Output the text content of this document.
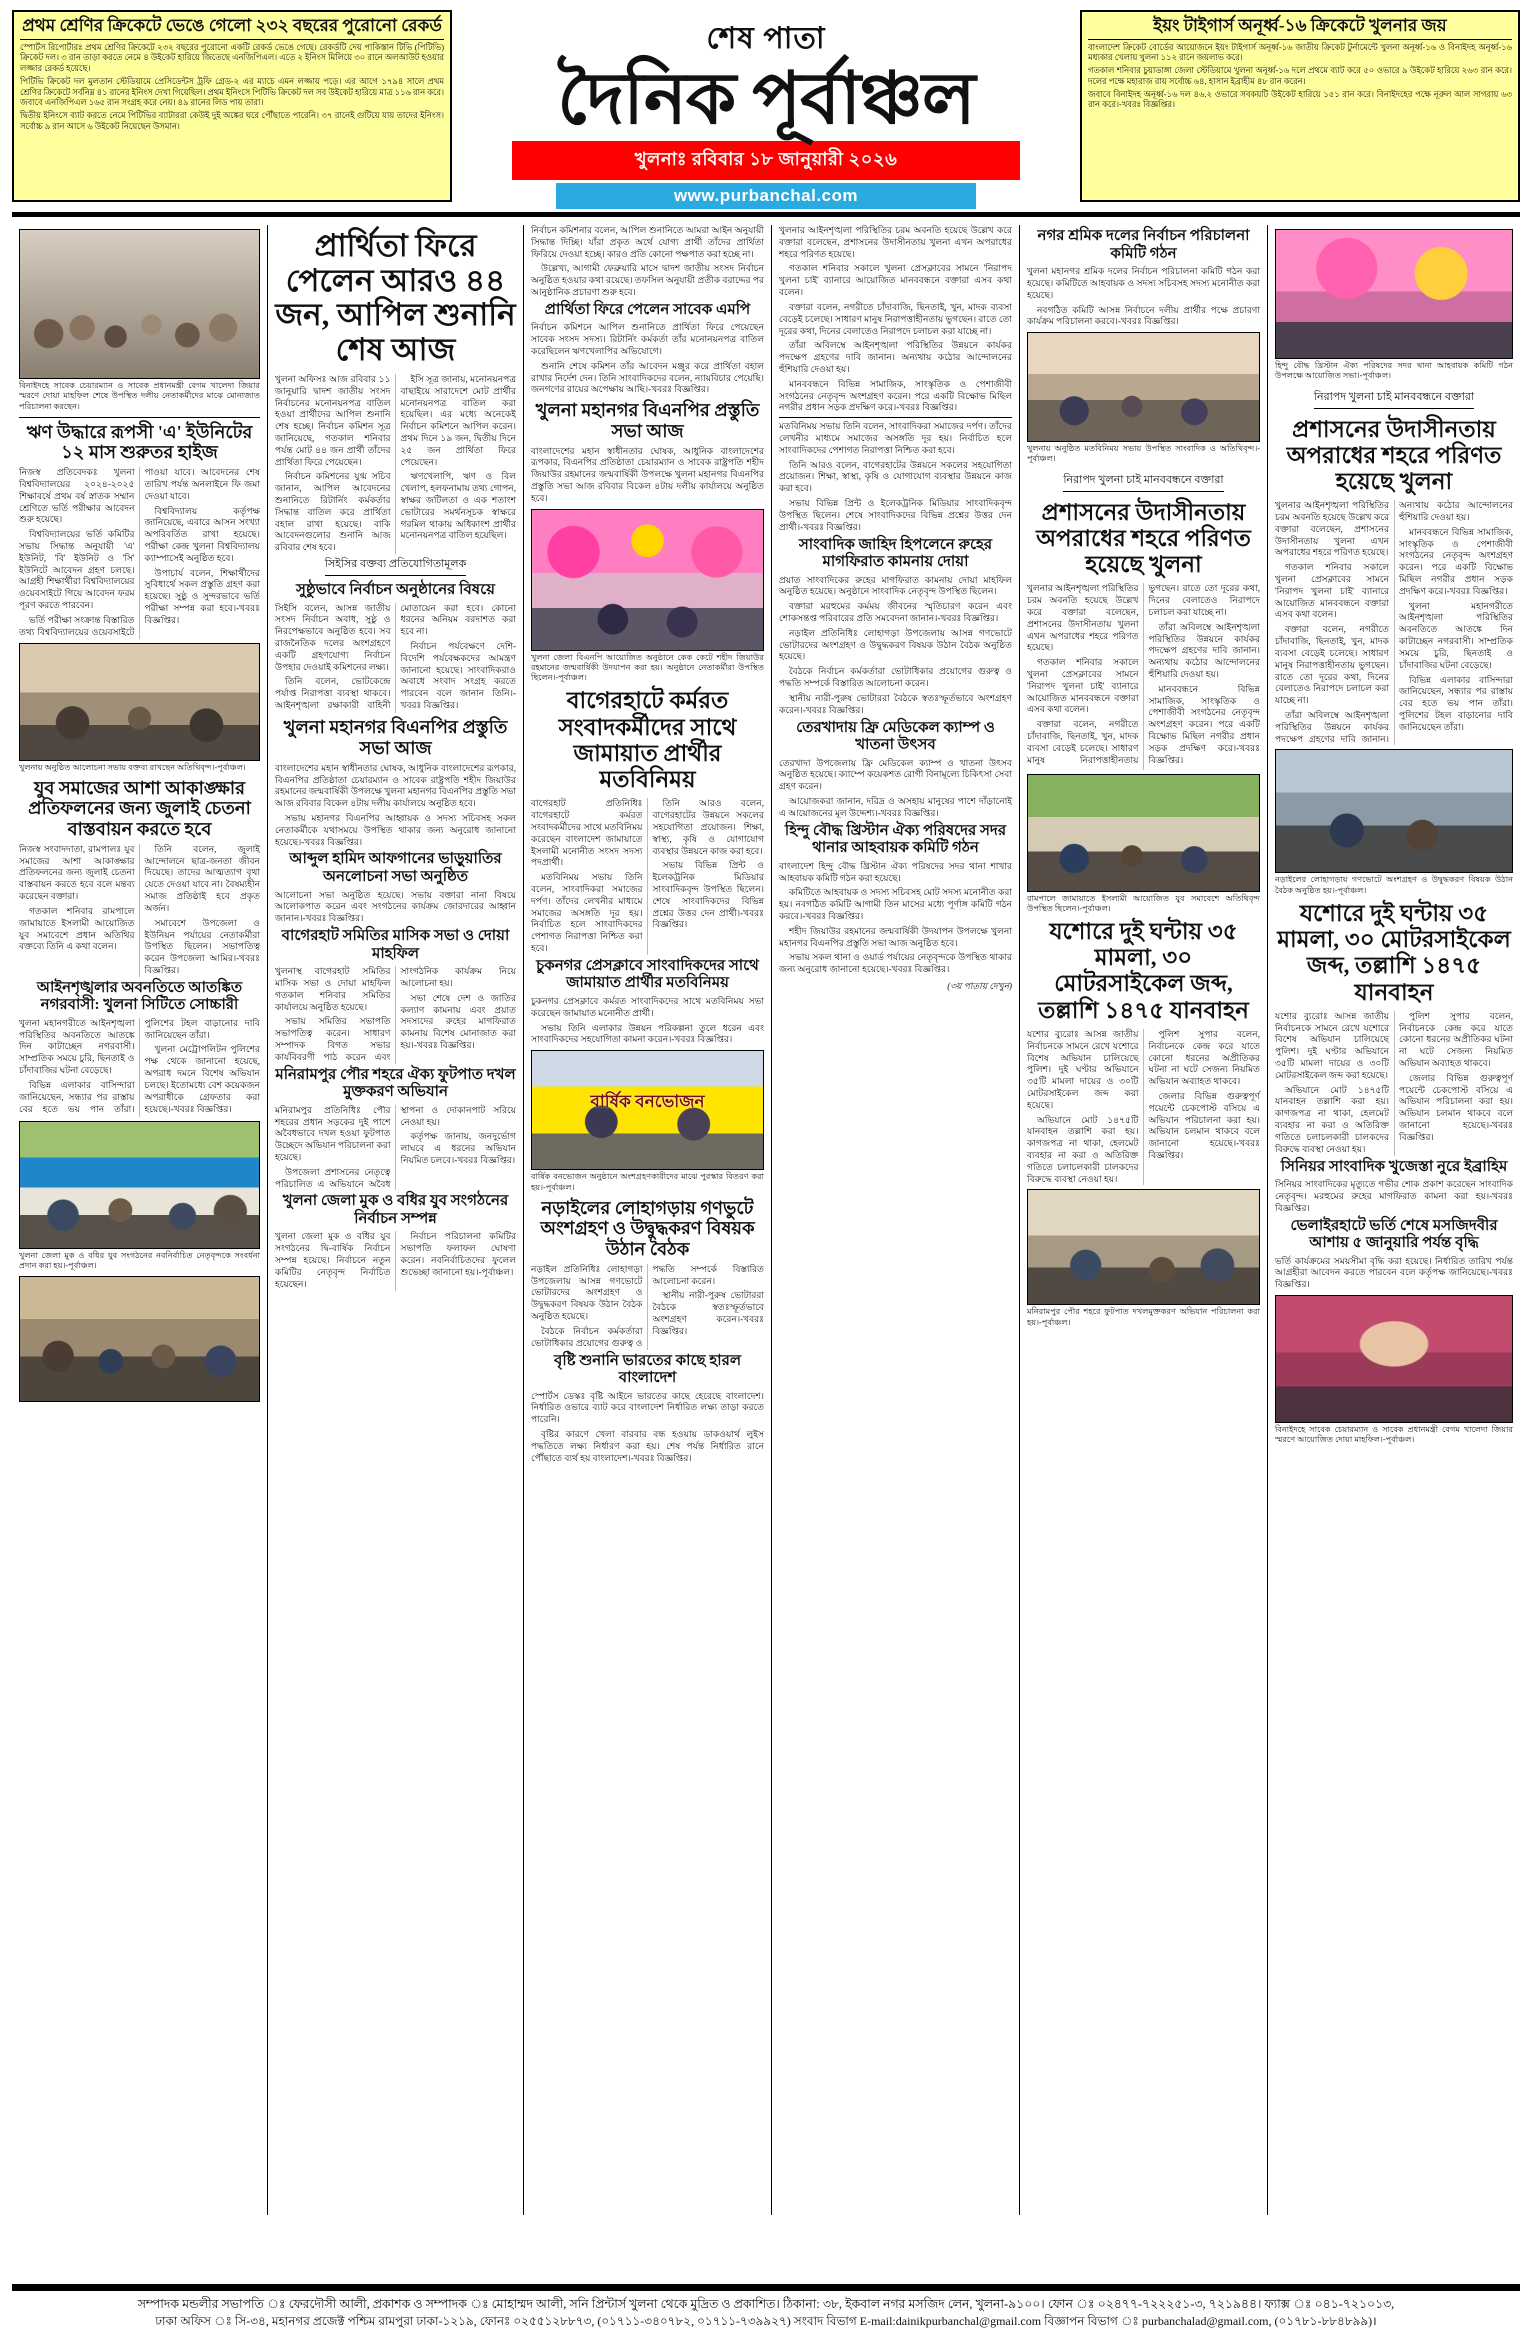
প্রথম শ্রেণির ক্রিকেটে ভেঙে গেলো ২৩২ বছরের পুরোনো রেকর্ড

স্পোর্টস রিপোর্টারঃ প্রথম শ্রেণির ক্রিকেটে ২৩২ বছরের পুরোনো একটি রেকর্ড ভেঙে গেছে। রেকর্ডটি দেয় পাকিস্তান টিভি (পিটিভি) ক্রিকেট দল। ৩ রান তাড়া করতে নেমে ৪ উইকেট হারিয়ে জিতেছে এনজিপিএল। এতে ২ ইনিংস মিলিয়ে ৩০ রানে অলআউট হওয়ার লজ্জার রেকর্ড হয়েছে।

পিটিভি ক্রিকেট দল মুলতান স্টেডিয়ামে প্রেসিডেন্টস ট্রফি গ্রেড-২ এর ম্যাচে এমন লজ্জায় পড়ে। এর আগে ১৭৯৪ সালে প্রথম শ্রেণির ক্রিকেটে সর্বনিম্ন ৪১ রানের ইনিংস দেখা গিয়েছিল। প্রথম ইনিংসে পিটিভি ক্রিকেট দল সব উইকেট হারিয়ে মাত্র ১১৬ রান করে। জবাবে এনজিপিএল ১৬৫ রান সংগ্রহ করে নেয়। ৪৯ রানের লিড পায় তারা।

দ্বিতীয় ইনিংসে ব্যাট করতে নেমে পিটিভির ব্যাটাররা কেউই দুই অঙ্কের ঘরে পৌঁছাতে পারেনি। ৩৭ রানেই গুটিয়ে যায় তাদের ইনিংস। সর্বোচ্চ ৯ রান আসে ৬ উইকেট নিয়েছেন উসমান।

শেষ পাতা
দৈনিক পূর্বাঞ্চল
খুলনাঃ রবিবার ১৮ জানুয়ারী ২০২৬
www.purbanchal.com
ইয়ং টাইগার্স অনূর্ধ্ব-১৬ ক্রিকেটে খুলনার জয়

বাংলাদেশ ক্রিকেট বোর্ডের আয়োজনে ইয়ং টাইগার্স অনূর্ধ্ব-১৬ জাতীয় ক্রিকেট টুর্নামেন্টে খুলনা অনূর্ধ্ব-১৬ ও বিনাইদহ অনূর্ধ্ব-১৬ মধ্যকার খেলায় খুলনা ১১২ রানে জয়লাভ করে।

গতকাল শনিবার চুয়াডাঙ্গা জেলা স্টেডিয়ামে খুলনা অনূর্ধ্ব-১৬ দলে প্রথমে ব্যাট করে ৫০ ওভারে ৯ উইকেট হারিয়ে ২৬৩ রান করে। দলের পক্ষে মহারাজ রায় সর্বোচ্চ ৬৪, হাসান ইব্রাহীম ৪৮ রান করেন।

জবাবে বিনাইদহ অনূর্ধ্ব-১৬ দল ৪৬.২ ওভারে সবকয়টি উইকেট হারিয়ে ১৫১ রান করে। বিনাইদহের পক্ষে নূরুল আল সাগরায় ৬৩ রান করে।-খবরঃ বিজ্ঞপ্তির।

বিনাইদহে সাবেক চেয়ারম্যান ও সাবেক প্রধানমন্ত্রী বেগম খালেদা জিয়ার স্মরণে দোয়া মাহফিল শেষে উপস্থিত দলীয় নেতাকর্মীদের মাঝে মোনাজাত পরিচালনা করছেন।
ঋণ উদ্ধারে রূপসী 'এ' ইউনিটের ১২ মাস শুরুতর হাইজ

নিজস্ব প্রতিবেদকঃ খুলনা বিশ্ববিদ্যালয়ের ২০২৪-২০২৫ শিক্ষাবর্ষে প্রথম বর্ষ স্নাতক সম্মান শ্রেণিতে ভর্তি পরীক্ষার আবেদন শুরু হয়েছে।

বিশ্ববিদ্যালয়ের ভর্তি কমিটির সভায় সিদ্ধান্ত অনুযায়ী 'এ' ইউনিট, 'বি' ইউনিট ও 'সি' ইউনিটে আবেদন গ্রহণ চলছে। আগ্রহী শিক্ষার্থীরা বিশ্ববিদ্যালয়ের ওয়েবসাইটে গিয়ে আবেদন ফরম পূরণ করতে পারবেন।

ভর্তি পরীক্ষা সংক্রান্ত বিস্তারিত তথ্য বিশ্ববিদ্যালয়ের ওয়েবসাইটে পাওয়া যাবে। আবেদনের শেষ তারিখ পর্যন্ত অনলাইনে ফি জমা দেওয়া যাবে।

বিশ্ববিদ্যালয় কর্তৃপক্ষ জানিয়েছে, এবারে আসন সংখ্যা অপরিবর্তিত রাখা হয়েছে। পরীক্ষা কেন্দ্র খুলনা বিশ্ববিদ্যালয় ক্যাম্পাসেই অনুষ্ঠিত হবে।

উপাচার্য বলেন, শিক্ষার্থীদের সুবিধার্থে সকল প্রস্তুতি গ্রহণ করা হয়েছে। সুষ্ঠু ও সুন্দরভাবে ভর্তি পরীক্ষা সম্পন্ন করা হবে।-খবরঃ বিজ্ঞপ্তির।

খুলনায় অনুষ্ঠিত আলোচনা সভায় বক্তব্য রাখছেন অতিথিবৃন্দ।-পূর্বাঞ্চল।
যুব সমাজের আশা আকাঙ্ক্ষার প্রতিফলনের জন্য জুলাই চেতনা বাস্তবায়ন করতে হবে

নিজস্ব সংবাদদাতা, রামপালঃ যুব সমাজের আশা আকাঙ্ক্ষার প্রতিফলনের জন্য জুলাই চেতনা বাস্তবায়ন করতে হবে বলে মন্তব্য করেছেন বক্তারা।

গতকাল শনিবার রামপালে জামায়াতে ইসলামী আয়োজিত যুব সমাবেশে প্রধান অতিথির বক্তব্যে তিনি এ কথা বলেন।

তিনি বলেন, জুলাই আন্দোলনে ছাত্র-জনতা জীবন দিয়েছে। তাদের আত্মত্যাগ বৃথা যেতে দেওয়া যাবে না। বৈষম্যহীন সমাজ প্রতিষ্ঠাই হবে প্রকৃত অর্জন।

সমাবেশে উপজেলা ও ইউনিয়ন পর্যায়ের নেতাকর্মীরা উপস্থিত ছিলেন। সভাপতিত্ব করেন উপজেলা আমির।-খবরঃ বিজ্ঞপ্তির।

আইনশৃঙ্খলার অবনতিতে আতঙ্কিত নগরবাসী: খুলনা সিটিতে সোচ্চারী

খুলনা মহানগরীতে আইনশৃঙ্খলা পরিস্থিতির অবনতিতে আতঙ্কে দিন কাটাচ্ছেন নগরবাসী। সাম্প্রতিক সময়ে চুরি, ছিনতাই ও চাঁদাবাজির ঘটনা বেড়েছে।

বিভিন্ন এলাকার বাসিন্দারা জানিয়েছেন, সন্ধ্যার পর রাস্তায় বের হতে ভয় পান তাঁরা। পুলিশের টহল বাড়ানোর দাবি জানিয়েছেন তাঁরা।

খুলনা মেট্রোপলিটন পুলিশের পক্ষ থেকে জানানো হয়েছে, অপরাধ দমনে বিশেষ অভিযান চলছে। ইতোমধ্যে বেশ কয়েকজন অপরাধীকে গ্রেফতার করা হয়েছে।-খবরঃ বিজ্ঞপ্তির।

খুলনা জেলা মুক ও বধির যুব সংগঠনের নবনির্বাচিত নেতৃবৃন্দকে সংবর্ধনা প্রদান করা হয়।-পূর্বাঞ্চল।
প্রার্থিতা ফিরে পেলেন আরও ৪৪ জন, আপিল শুনানি শেষ আজ

খুলনা অফিসঃ আজ রবিবার ১১ জানুয়ারি দ্বাদশ জাতীয় সংসদ নির্বাচনের মনোনয়নপত্র বাতিল হওয়া প্রার্থীদের আপিল শুনানি শেষ হচ্ছে। নির্বাচন কমিশন সূত্র জানিয়েছে, গতকাল শনিবার পর্যন্ত মোট ৪৪ জন প্রার্থী তাঁদের প্রার্থিতা ফিরে পেয়েছেন।

নির্বাচন কমিশনের যুগ্ম সচিব জানান, আপিল আবেদনের শুনানিতে রিটার্নিং কর্মকর্তার সিদ্ধান্ত বাতিল করে প্রার্থিতা বহাল রাখা হয়েছে। বাকি আবেদনগুলোর শুনানি আজ রবিবার শেষ হবে।

ইসি সূত্র জানায়, মনোনয়নপত্র বাছাইয়ে সারাদেশে মোট প্রার্থীর মনোনয়নপত্র বাতিল করা হয়েছিল। এর মধ্যে অনেকেই নির্বাচন কমিশনে আপিল করেন। প্রথম দিনে ১৯ জন, দ্বিতীয় দিনে ২৫ জন প্রার্থিতা ফিরে পেয়েছেন।

ঋণখেলাপি, ঋণ ও বিল খেলাপ, হলফনামায় তথ্য গোপন, স্বাক্ষর জটিলতা ও এক শতাংশ ভোটারের সমর্থনসূচক স্বাক্ষরে গরমিল থাকায় অধিকাংশ প্রার্থীর মনোনয়নপত্র বাতিল হয়েছিল।

সিইসির বক্তব্য প্রতিযোগিতামূলক
সুষ্ঠুভাবে নির্বাচন অনুষ্ঠানের বিষয়ে

সিইসি বলেন, আসন্ন জাতীয় সংসদ নির্বাচন অবাধ, সুষ্ঠু ও নিরপেক্ষভাবে অনুষ্ঠিত হবে। সব রাজনৈতিক দলের অংশগ্রহণে একটি গ্রহণযোগ্য নির্বাচন উপহার দেওয়াই কমিশনের লক্ষ্য।

তিনি বলেন, ভোটকেন্দ্রে পর্যাপ্ত নিরাপত্তা ব্যবস্থা থাকবে। আইনশৃঙ্খলা রক্ষাকারী বাহিনী মোতায়েন করা হবে। কোনো ধরনের অনিয়ম বরদাশত করা হবে না।

নির্বাচন পর্যবেক্ষণে দেশি-বিদেশি পর্যবেক্ষকদের আমন্ত্রণ জানানো হয়েছে। সাংবাদিকরাও অবাধে সংবাদ সংগ্রহ করতে পারবেন বলে জানান তিনি।-খবরঃ বিজ্ঞপ্তির।

খুলনা মহানগর বিএনপির প্রস্তুতি সভা আজ

বাংলাদেশের মহান স্বাধীনতার ঘোষক, আধুনিক বাংলাদেশের রূপকার, বিএনপির প্রতিষ্ঠাতা চেয়ারম্যান ও সাবেক রাষ্ট্রপতি শহীদ জিয়াউর রহমানের জন্মবার্ষিকী উপলক্ষে খুলনা মহানগর বিএনপির প্রস্তুতি সভা আজ রবিবার বিকেল ৪টায় দলীয় কার্যালয়ে অনুষ্ঠিত হবে।

সভায় মহানগর বিএনপির আহ্বায়ক ও সদস্য সচিবসহ সকল নেতাকর্মীকে যথাসময়ে উপস্থিত থাকার জন্য অনুরোধ জানানো হয়েছে।-খবরঃ বিজ্ঞপ্তির।

আব্দুল হামিদ আফগানের ভাড়ুয়াতির অনলোচনা সভা অনুষ্ঠিত

আলোচনা সভা অনুষ্ঠিত হয়েছে। সভায় বক্তারা নানা বিষয়ে আলোকপাত করেন এবং সংগঠনের কার্যক্রম জোরদারের আহ্বান জানান।-খবরঃ বিজ্ঞপ্তির।

বাগেরহাট সমিতির মাসিক সভা ও দোয়া মাহফিল

খুলনাস্থ বাগেরহাট সমিতির মাসিক সভা ও দোয়া মাহফিল গতকাল শনিবার সমিতির কার্যালয়ে অনুষ্ঠিত হয়েছে।

সভায় সমিতির সভাপতি সভাপতিত্ব করেন। সাধারণ সম্পাদক বিগত সভার কার্যবিবরণী পাঠ করেন এবং সাংগঠনিক কার্যক্রম নিয়ে আলোচনা হয়।

সভা শেষে দেশ ও জাতির কল্যাণ কামনায় এবং প্রয়াত সদস্যদের রুহের মাগফিরাত কামনায় বিশেষ মোনাজাত করা হয়।-খবরঃ বিজ্ঞপ্তির।

মনিরামপুর পৌর শহরে ঐক্য ফুটপাত দখল মুক্তকরণ অভিযান

মনিরামপুর প্রতিনিধিঃ পৌর শহরের প্রধান সড়কের দুই পাশে অবৈধভাবে দখল হওয়া ফুটপাত উচ্ছেদে অভিযান পরিচালনা করা হয়েছে।

উপজেলা প্রশাসনের নেতৃত্বে পরিচালিত এ অভিযানে অবৈধ স্থাপনা ও দোকানপাট সরিয়ে নেওয়া হয়।

কর্তৃপক্ষ জানায়, জনদুর্ভোগ লাঘবে এ ধরনের অভিযান নিয়মিত চলবে।-খবরঃ বিজ্ঞপ্তির।

খুলনা জেলা মুক ও বধির যুব সংগঠনের নির্বাচন সম্পন্ন

খুলনা জেলা মুক ও বধির যুব সংগঠনের দ্বি-বার্ষিক নির্বাচন সম্পন্ন হয়েছে। নির্বাচনে নতুন কমিটির নেতৃবৃন্দ নির্বাচিত হয়েছেন।

নির্বাচন পরিচালনা কমিটির সভাপতি ফলাফল ঘোষণা করেন। নবনির্বাচিতদের ফুলেল শুভেচ্ছা জানানো হয়।-পূর্বাঞ্চল।

নির্বাচন কমিশনার বলেন, আপিল শুনানিতে আমরা আইন অনুযায়ী সিদ্ধান্ত দিচ্ছি। যাঁরা প্রকৃত অর্থে যোগ্য প্রার্থী তাঁদের প্রার্থিতা ফিরিয়ে দেওয়া হচ্ছে। কারও প্রতি কোনো পক্ষপাত করা হচ্ছে না।

উল্লেখ্য, আগামী ফেব্রুয়ারি মাসে দ্বাদশ জাতীয় সংসদ নির্বাচন অনুষ্ঠিত হওয়ার কথা রয়েছে। তফসিল অনুযায়ী প্রতীক বরাদ্দের পর আনুষ্ঠানিক প্রচারণা শুরু হবে।

প্রার্থিতা ফিরে পেলেন সাবেক এমপি

নির্বাচন কমিশনে আপিল শুনানিতে প্রার্থিতা ফিরে পেয়েছেন সাবেক সংসদ সদস্য। রিটার্নিং কর্মকর্তা তাঁর মনোনয়নপত্র বাতিল করেছিলেন ঋণখেলাপির অভিযোগে।

শুনানি শেষে কমিশন তাঁর আবেদন মঞ্জুর করে প্রার্থিতা বহাল রাখার নির্দেশ দেন। তিনি সাংবাদিকদের বলেন, ন্যায়বিচার পেয়েছি। জনগণের রায়ের অপেক্ষায় আছি।-খবরঃ বিজ্ঞপ্তির।

খুলনা মহানগর বিএনপির প্রস্তুতি সভা আজ

বাংলাদেশের মহান স্বাধীনতার ঘোষক, আধুনিক বাংলাদেশের রূপকার, বিএনপির প্রতিষ্ঠাতা চেয়ারম্যান ও সাবেক রাষ্ট্রপতি শহীদ জিয়াউর রহমানের জন্মবার্ষিকী উপলক্ষে খুলনা মহানগর বিএনপির প্রস্তুতি সভা আজ রবিবার বিকেল ৪টায় দলীয় কার্যালয়ে অনুষ্ঠিত হবে।

খুলনা জেলা বিএনপি আয়োজিত অনুষ্ঠানে কেক কেটে শহীদ জিয়াউর রহমানের জন্মবার্ষিকী উদযাপন করা হয়। অনুষ্ঠানে নেতাকর্মীরা উপস্থিত ছিলেন।-পূর্বাঞ্চল।
বাগেরহাটে কর্মরত সংবাদকর্মীদের সাথে জামায়াত প্রার্থীর মতবিনিময়

বাগেরহাট প্রতিনিধিঃ বাগেরহাটে কর্মরত সংবাদকর্মীদের সাথে মতবিনিময় করেছেন বাংলাদেশ জামায়াতে ইসলামী মনোনীত সংসদ সদস্য পদপ্রার্থী।

মতবিনিময় সভায় তিনি বলেন, সাংবাদিকরা সমাজের দর্পণ। তাঁদের লেখনীর মাধ্যমে সমাজের অসঙ্গতি দূর হয়। নির্বাচিত হলে সাংবাদিকদের পেশাগত নিরাপত্তা নিশ্চিত করা হবে।

তিনি আরও বলেন, বাগেরহাটের উন্নয়নে সকলের সহযোগিতা প্রয়োজন। শিক্ষা, স্বাস্থ্য, কৃষি ও যোগাযোগ ব্যবস্থার উন্নয়নে কাজ করা হবে।

সভায় বিভিন্ন প্রিন্ট ও ইলেকট্রনিক মিডিয়ার সাংবাদিকবৃন্দ উপস্থিত ছিলেন। শেষে সাংবাদিকদের বিভিন্ন প্রশ্নের উত্তর দেন প্রার্থী।-খবরঃ বিজ্ঞপ্তির।

চুকনগর প্রেসক্লাবে সাংবাদিকদের সাথে জামায়াত প্রার্থীর মতবিনিময়

চুকনগর প্রেসক্লাবে কর্মরত সাংবাদিকদের সাথে মতবিনিময় সভা করেছেন জামায়াত মনোনীত প্রার্থী।

সভায় তিনি এলাকার উন্নয়ন পরিকল্পনা তুলে ধরেন এবং সাংবাদিকদের সহযোগিতা কামনা করেন।-খবরঃ বিজ্ঞপ্তির।

বার্ষিক বনভোজন
বার্ষিক বনভোজন অনুষ্ঠানে অংশগ্রহণকারীদের মাঝে পুরস্কার বিতরণ করা হয়।-পূর্বাঞ্চল।
নড়াইলের লোহাগড়ায় গণভুটে অংশগ্রহণ ও উদ্বুদ্ধকরণ বিষয়ক উঠান বৈঠক

নড়াইল প্রতিনিধিঃ লোহাগড়া উপজেলায় আসন্ন গণভোটে ভোটারদের অংশগ্রহণ ও উদ্বুদ্ধকরণ বিষয়ক উঠান বৈঠক অনুষ্ঠিত হয়েছে।

বৈঠকে নির্বাচন কর্মকর্তারা ভোটাধিকার প্রয়োগের গুরুত্ব ও পদ্ধতি সম্পর্কে বিস্তারিত আলোচনা করেন।

স্থানীয় নারী-পুরুষ ভোটাররা বৈঠকে স্বতঃস্ফূর্তভাবে অংশগ্রহণ করেন।-খবরঃ বিজ্ঞপ্তির।

বৃষ্টি শুনানি ভারতের কাছে হারল বাংলাদেশ

স্পোর্টস ডেস্কঃ বৃষ্টি আইনে ভারতের কাছে হেরেছে বাংলাদেশ। নির্ধারিত ওভারে ব্যাট করে বাংলাদেশ নির্ধারিত লক্ষ্য তাড়া করতে পারেনি।

বৃষ্টির কারণে খেলা বারবার বন্ধ হওয়ায় ডাকওয়ার্থ লুইস পদ্ধতিতে লক্ষ্য নির্ধারণ করা হয়। শেষ পর্যন্ত নির্ধারিত রানে পৌঁছাতে ব্যর্থ হয় বাংলাদেশ।-খবরঃ বিজ্ঞপ্তির।

খুলনার আইনশৃঙ্খলা পরিস্থিতির চরম অবনতি হয়েছে উল্লেখ করে বক্তারা বলেছেন, প্রশাসনের উদাসীনতায় খুলনা এখন অপরাধের শহরে পরিণত হয়েছে।

গতকাল শনিবার সকালে খুলনা প্রেসক্লাবের সামনে 'নিরাপদ খুলনা চাই' ব্যানারে আয়োজিত মানববন্ধনে বক্তারা এসব কথা বলেন।

বক্তারা বলেন, নগরীতে চাঁদাবাজি, ছিনতাই, খুন, মাদক ব্যবসা বেড়েই চলেছে। সাধারণ মানুষ নিরাপত্তাহীনতায় ভুগছেন। রাতে তো দূরের কথা, দিনের বেলাতেও নিরাপদে চলাচল করা যাচ্ছে না।

তাঁরা অবিলম্বে আইনশৃঙ্খলা পরিস্থিতির উন্নয়নে কার্যকর পদক্ষেপ গ্রহণের দাবি জানান। অন্যথায় কঠোর আন্দোলনের হুঁশিয়ারি দেওয়া হয়।

মানববন্ধনে বিভিন্ন সামাজিক, সাংস্কৃতিক ও পেশাজীবী সংগঠনের নেতৃবৃন্দ অংশগ্রহণ করেন। পরে একটি বিক্ষোভ মিছিল নগরীর প্রধান সড়ক প্রদক্ষিণ করে।-খবরঃ বিজ্ঞপ্তির।

মতবিনিময় সভায় তিনি বলেন, সাংবাদিকরা সমাজের দর্পণ। তাঁদের লেখনীর মাধ্যমে সমাজের অসঙ্গতি দূর হয়। নির্বাচিত হলে সাংবাদিকদের পেশাগত নিরাপত্তা নিশ্চিত করা হবে।

তিনি আরও বলেন, বাগেরহাটের উন্নয়নে সকলের সহযোগিতা প্রয়োজন। শিক্ষা, স্বাস্থ্য, কৃষি ও যোগাযোগ ব্যবস্থার উন্নয়নে কাজ করা হবে।

সভায় বিভিন্ন প্রিন্ট ও ইলেকট্রনিক মিডিয়ার সাংবাদিকবৃন্দ উপস্থিত ছিলেন। শেষে সাংবাদিকদের বিভিন্ন প্রশ্নের উত্তর দেন প্রার্থী।-খবরঃ বিজ্ঞপ্তির।

সাংবাদিক জাহিদ হিপলেনে রুহের মাগফিরাত কামনায় দোয়া

প্রয়াত সাংবাদিকের রুহের মাগফিরাত কামনায় দোয়া মাহফিল অনুষ্ঠিত হয়েছে। অনুষ্ঠানে সাংবাদিক নেতৃবৃন্দ উপস্থিত ছিলেন।

বক্তারা মরহুমের কর্মময় জীবনের স্মৃতিচারণ করেন এবং শোকসন্তপ্ত পরিবারের প্রতি সমবেদনা জানান।-খবরঃ বিজ্ঞপ্তির।

নড়াইল প্রতিনিধিঃ লোহাগড়া উপজেলায় আসন্ন গণভোটে ভোটারদের অংশগ্রহণ ও উদ্বুদ্ধকরণ বিষয়ক উঠান বৈঠক অনুষ্ঠিত হয়েছে।

বৈঠকে নির্বাচন কর্মকর্তারা ভোটাধিকার প্রয়োগের গুরুত্ব ও পদ্ধতি সম্পর্কে বিস্তারিত আলোচনা করেন।

স্থানীয় নারী-পুরুষ ভোটাররা বৈঠকে স্বতঃস্ফূর্তভাবে অংশগ্রহণ করেন।-খবরঃ বিজ্ঞপ্তির।

তেরখাদায় ফ্রি মেডিকেল ক্যাম্প ও খাতনা উৎসব

তেরখাদা উপজেলায় ফ্রি মেডিকেল ক্যাম্প ও খাতনা উৎসব অনুষ্ঠিত হয়েছে। ক্যাম্পে কয়েকশত রোগী বিনামূল্যে চিকিৎসা সেবা গ্রহণ করেন।

আয়োজকরা জানান, দরিদ্র ও অসহায় মানুষের পাশে দাঁড়ানোই এ আয়োজনের মূল উদ্দেশ্য।-খবরঃ বিজ্ঞপ্তির।

হিন্দু বৌদ্ধ খ্রিস্টান ঐক্য পরিষদের সদর থানার আহবায়ক কমিটি গঠন

বাংলাদেশ হিন্দু বৌদ্ধ খ্রিস্টান ঐক্য পরিষদের সদর থানা শাখার আহবায়ক কমিটি গঠন করা হয়েছে।

কমিটিতে আহবায়ক ও সদস্য সচিবসহ মোট সদস্য মনোনীত করা হয়। নবগঠিত কমিটি আগামী তিন মাসের মধ্যে পূর্ণাঙ্গ কমিটি গঠন করবে।-খবরঃ বিজ্ঞপ্তির।

শহীদ জিয়াউর রহমানের জন্মবার্ষিকী উদযাপন উপলক্ষে খুলনা মহানগর বিএনপির প্রস্তুতি সভা আজ অনুষ্ঠিত হবে।

সভায় সকল থানা ও ওয়ার্ড পর্যায়ের নেতৃবৃন্দকে উপস্থিত থাকার জন্য অনুরোধ জানানো হয়েছে।-খবরঃ বিজ্ঞপ্তির।

(৩য় পাতায় দেখুন)
নগর শ্রমিক দলের নির্বাচন পরিচালনা কমিটি গঠন

খুলনা মহানগর শ্রমিক দলের নির্বাচন পরিচালনা কমিটি গঠন করা হয়েছে। কমিটিতে আহবায়ক ও সদস্য সচিবসহ সদস্য মনোনীত করা হয়েছে।

নবগঠিত কমিটি আসন্ন নির্বাচনে দলীয় প্রার্থীর পক্ষে প্রচারণা কার্যক্রম পরিচালনা করবে।-খবরঃ বিজ্ঞপ্তির।

খুলনায় অনুষ্ঠিত মতবিনিময় সভায় উপস্থিত সাংবাদিক ও অতিথিবৃন্দ।-পূর্বাঞ্চল।
নিরাপদ খুলনা চাই মানববন্ধনে বক্তারা
প্রশাসনের উদাসীনতায় অপরাধের শহরে পরিণত হয়েছে খুলনা

খুলনার আইনশৃঙ্খলা পরিস্থিতির চরম অবনতি হয়েছে উল্লেখ করে বক্তারা বলেছেন, প্রশাসনের উদাসীনতায় খুলনা এখন অপরাধের শহরে পরিণত হয়েছে।

গতকাল শনিবার সকালে খুলনা প্রেসক্লাবের সামনে 'নিরাপদ খুলনা চাই' ব্যানারে আয়োজিত মানববন্ধনে বক্তারা এসব কথা বলেন।

বক্তারা বলেন, নগরীতে চাঁদাবাজি, ছিনতাই, খুন, মাদক ব্যবসা বেড়েই চলেছে। সাধারণ মানুষ নিরাপত্তাহীনতায় ভুগছেন। রাতে তো দূরের কথা, দিনের বেলাতেও নিরাপদে চলাচল করা যাচ্ছে না।

তাঁরা অবিলম্বে আইনশৃঙ্খলা পরিস্থিতির উন্নয়নে কার্যকর পদক্ষেপ গ্রহণের দাবি জানান। অন্যথায় কঠোর আন্দোলনের হুঁশিয়ারি দেওয়া হয়।

মানববন্ধনে বিভিন্ন সামাজিক, সাংস্কৃতিক ও পেশাজীবী সংগঠনের নেতৃবৃন্দ অংশগ্রহণ করেন। পরে একটি বিক্ষোভ মিছিল নগরীর প্রধান সড়ক প্রদক্ষিণ করে।-খবরঃ বিজ্ঞপ্তির।

রামপালে জামায়াতে ইসলামী আয়োজিত যুব সমাবেশে অতিথিবৃন্দ উপস্থিত ছিলেন।-পূর্বাঞ্চল।
যশোরে দুই ঘন্টায় ৩৫ মামলা, ৩০ মোটরসাইকেল জব্দ, তল্লাশি ১৪৭৫ যানবাহন

যশোর ব্যুরোঃ আসন্ন জাতীয় নির্বাচনকে সামনে রেখে যশোরে বিশেষ অভিযান চালিয়েছে পুলিশ। দুই ঘণ্টার অভিযানে ৩৫টি মামলা দায়ের ও ৩০টি মোটরসাইকেল জব্দ করা হয়েছে।

অভিযানে মোট ১৪৭৫টি যানবাহন তল্লাশি করা হয়। কাগজপত্র না থাকা, হেলমেট ব্যবহার না করা ও অতিরিক্ত গতিতে চলাচলকারী চালকদের বিরুদ্ধে ব্যবস্থা নেওয়া হয়।

পুলিশ সুপার বলেন, নির্বাচনকে কেন্দ্র করে যাতে কোনো ধরনের অপ্রীতিকর ঘটনা না ঘটে সেজন্য নিয়মিত অভিযান অব্যাহত থাকবে।

জেলার বিভিন্ন গুরুত্বপূর্ণ পয়েন্টে চেকপোস্ট বসিয়ে এ অভিযান পরিচালনা করা হয়। অভিযান চলমান থাকবে বলে জানানো হয়েছে।-খবরঃ বিজ্ঞপ্তির।

মনিরামপুর পৌর শহরে ফুটপাত দখলমুক্তকরণ অভিযান পরিচালনা করা হয়।-পূর্বাঞ্চল।
হিন্দু বৌদ্ধ খ্রিস্টান ঐক্য পরিষদের সদর থানা আহবায়ক কমিটি গঠন উপলক্ষে আয়োজিত সভা।-পূর্বাঞ্চল।
নিরাপদ খুলনা চাই মানববন্ধনে বক্তারা
প্রশাসনের উদাসীনতায় অপরাধের শহরে পরিণত হয়েছে খুলনা

খুলনার আইনশৃঙ্খলা পরিস্থিতির চরম অবনতি হয়েছে উল্লেখ করে বক্তারা বলেছেন, প্রশাসনের উদাসীনতায় খুলনা এখন অপরাধের শহরে পরিণত হয়েছে।

গতকাল শনিবার সকালে খুলনা প্রেসক্লাবের সামনে 'নিরাপদ খুলনা চাই' ব্যানারে আয়োজিত মানববন্ধনে বক্তারা এসব কথা বলেন।

বক্তারা বলেন, নগরীতে চাঁদাবাজি, ছিনতাই, খুন, মাদক ব্যবসা বেড়েই চলেছে। সাধারণ মানুষ নিরাপত্তাহীনতায় ভুগছেন। রাতে তো দূরের কথা, দিনের বেলাতেও নিরাপদে চলাচল করা যাচ্ছে না।

তাঁরা অবিলম্বে আইনশৃঙ্খলা পরিস্থিতির উন্নয়নে কার্যকর পদক্ষেপ গ্রহণের দাবি জানান। অন্যথায় কঠোর আন্দোলনের হুঁশিয়ারি দেওয়া হয়।

মানববন্ধনে বিভিন্ন সামাজিক, সাংস্কৃতিক ও পেশাজীবী সংগঠনের নেতৃবৃন্দ অংশগ্রহণ করেন। পরে একটি বিক্ষোভ মিছিল নগরীর প্রধান সড়ক প্রদক্ষিণ করে।-খবরঃ বিজ্ঞপ্তির।

খুলনা মহানগরীতে আইনশৃঙ্খলা পরিস্থিতির অবনতিতে আতঙ্কে দিন কাটাচ্ছেন নগরবাসী। সাম্প্রতিক সময়ে চুরি, ছিনতাই ও চাঁদাবাজির ঘটনা বেড়েছে।

বিভিন্ন এলাকার বাসিন্দারা জানিয়েছেন, সন্ধ্যার পর রাস্তায় বের হতে ভয় পান তাঁরা। পুলিশের টহল বাড়ানোর দাবি জানিয়েছেন তাঁরা।

নড়াইলের লোহাগড়ায় গণভোটে অংশগ্রহণ ও উদ্বুদ্ধকরণ বিষয়ক উঠান বৈঠক অনুষ্ঠিত হয়।-পূর্বাঞ্চল।
যশোরে দুই ঘন্টায় ৩৫ মামলা, ৩০ মোটরসাইকেল জব্দ, তল্লাশি ১৪৭৫ যানবাহন

যশোর ব্যুরোঃ আসন্ন জাতীয় নির্বাচনকে সামনে রেখে যশোরে বিশেষ অভিযান চালিয়েছে পুলিশ। দুই ঘণ্টার অভিযানে ৩৫টি মামলা দায়ের ও ৩০টি মোটরসাইকেল জব্দ করা হয়েছে।

অভিযানে মোট ১৪৭৫টি যানবাহন তল্লাশি করা হয়। কাগজপত্র না থাকা, হেলমেট ব্যবহার না করা ও অতিরিক্ত গতিতে চলাচলকারী চালকদের বিরুদ্ধে ব্যবস্থা নেওয়া হয়।

পুলিশ সুপার বলেন, নির্বাচনকে কেন্দ্র করে যাতে কোনো ধরনের অপ্রীতিকর ঘটনা না ঘটে সেজন্য নিয়মিত অভিযান অব্যাহত থাকবে।

জেলার বিভিন্ন গুরুত্বপূর্ণ পয়েন্টে চেকপোস্ট বসিয়ে এ অভিযান পরিচালনা করা হয়। অভিযান চলমান থাকবে বলে জানানো হয়েছে।-খবরঃ বিজ্ঞপ্তির।

সিনিয়র সাংবাদিক খুজেস্তা নুরে ইব্রাহিম

সিনিয়র সাংবাদিকের মৃত্যুতে গভীর শোক প্রকাশ করেছেন সাংবাদিক নেতৃবৃন্দ। মরহুমের রুহের মাগফিরাত কামনা করা হয়।-খবরঃ বিজ্ঞপ্তির।

ভেলাইরহাটে ভর্তি শেষে মসজিদবীর আশায় ৫ জানুয়ারি পর্যন্ত বৃদ্ধি

ভর্তি কার্যক্রমের সময়সীমা বৃদ্ধি করা হয়েছে। নির্ধারিত তারিখ পর্যন্ত আগ্রহীরা আবেদন করতে পারবেন বলে কর্তৃপক্ষ জানিয়েছে।-খবরঃ বিজ্ঞপ্তির।

বিনাইদহে সাবেক চেয়ারম্যান ও সাবেক প্রধানমন্ত্রী বেগম খালেদা জিয়ার স্মরণে আয়োজিত দোয়া মাহফিল।-পূর্বাঞ্চল।

সম্পাদক মন্ডলীর সভাপতি ঃ ফেরদৌসী আলী, প্রকাশক ও সম্পাদক ঃ মোহাম্মদ আলী, সনি প্রিন্টার্স খুলনা থেকে মুদ্রিত ও প্রকাশিত। ঠিকানা: ৩৮, ইকবাল নগর মসজিদ লেন, খুলনা-৯১০০। ফোন ঃ ০২৪৭৭-৭২২২৫১-৩, ৭২১৯৪৪। ফ্যাক্স ঃ ০৪১-৭২১০১৩,

ঢাকা অফিস ঃ সি-৩৪, মহানগর প্রজেক্ট পশ্চিম রামপুরা ঢাকা-১২১৯, ফোনঃ ০২৫৫১২৮৮৭৩, (০১৭১১-৩৪০৭৮২, ০১৭১১-৭৩৯৯২৭) সংবাদ বিভাগ E-mail:dainikpurbanchal@gmail.com বিজ্ঞাপন বিভাগ ঃ purbanchalad@gmail.com, (০১৭৮১-৮৮৪৮৯৯)।
